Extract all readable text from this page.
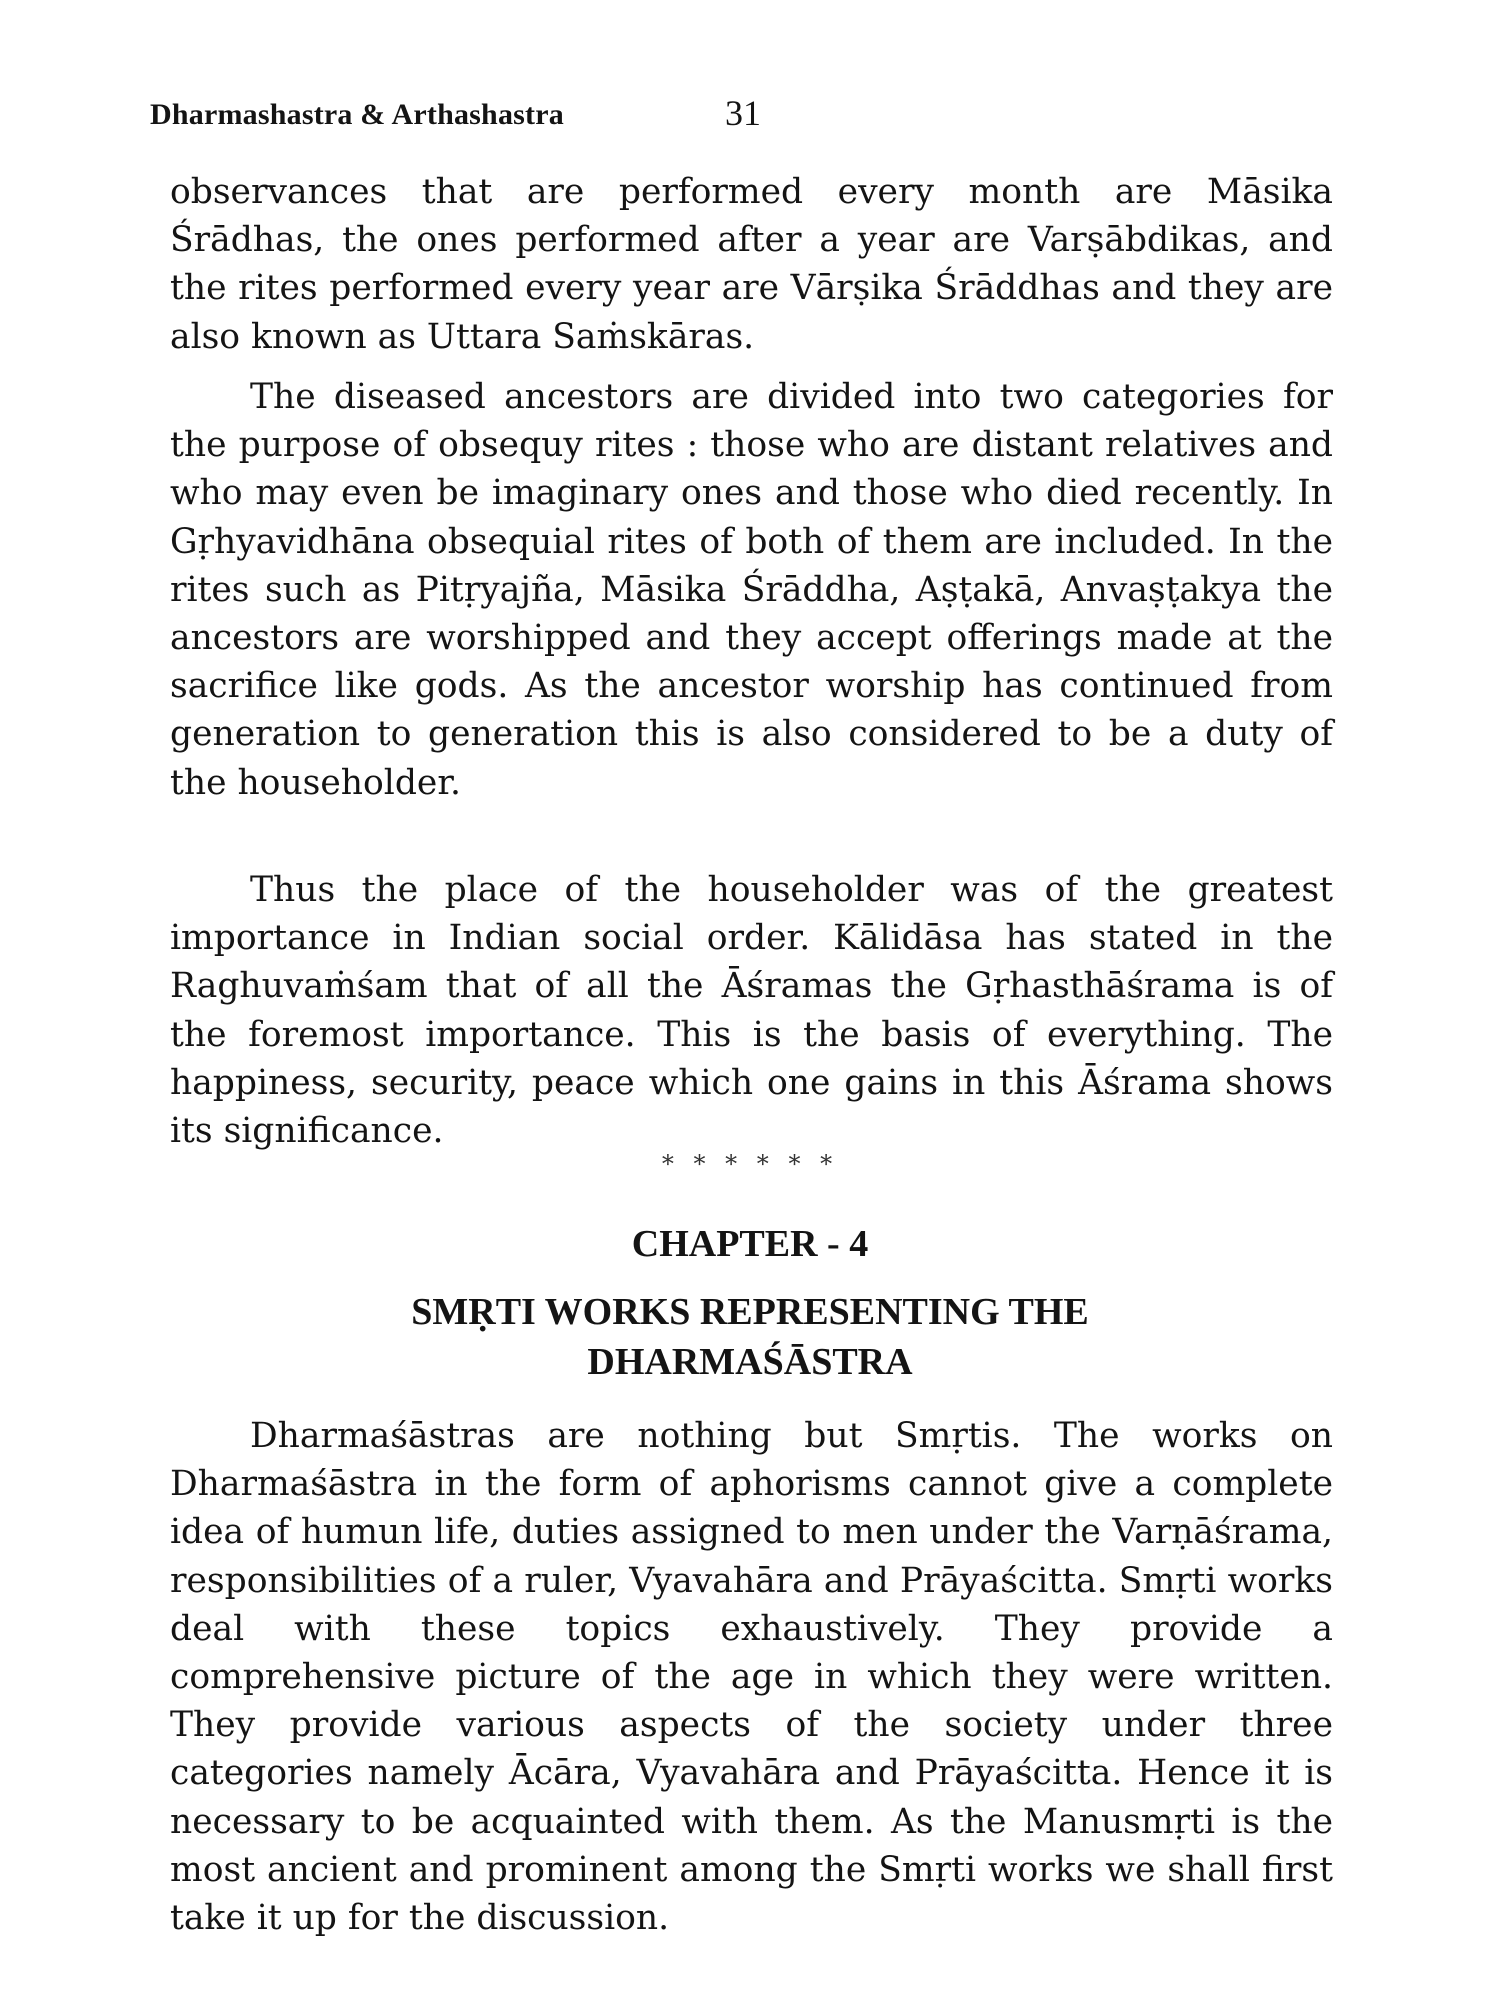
Dharmashastra & Arthashastra	31

observances that are performed every month are Māsika Śrādhas, the ones performed after a year are Varṣābdikas, and the rites performed every year are Vārṣika Śrāddhas and they are also known as Uttara Saṁskāras.

The diseased ancestors are divided into two categories for the purpose of obsequy rites : those who are distant relatives and who may even be imaginary ones and those who died recently. In Gṛhyavidhāna obsequial rites of both of them are included. In the rites such as Pitṛyajña, Māsika Śrāddha, Aṣṭakā, Anvaṣṭakya the ancestors are worshipped and they accept offerings made at the sacrifice like gods. As the ancestor worship has continued from generation to generation this is also considered to be a duty of the householder.

Thus the place of the householder was of the greatest importance in Indian social order. Kālidāsa has stated in the Raghuvaṁśam that of all the Āśramas the Gṛhasthāśrama is of the foremost importance. This is the basis of everything. The happiness, security, peace which one gains in this Āśrama shows its significance.

* * * * * *
CHAPTER - 4
SMṚTI WORKS REPRESENTING THE
DHARMAŚĀSTRA

Dharmaśāstras are nothing but Smṛtis. The works on Dharmaśāstra in the form of aphorisms cannot give a complete idea of humun life, duties assigned to men under the Varṇāśrama, responsibilities of a ruler, Vyavahāra and Prāyaścitta. Smṛti works deal with these topics exhaustively. They provide a comprehensive picture of the age in which they were written. They provide various aspects of the society under three categories namely Ācāra, Vyavahāra and Prāyaścitta. Hence it is necessary to be acquainted with them. As the Manusmṛti is the most ancient and prominent among the Smṛti works we shall first take it up for the discussion.
